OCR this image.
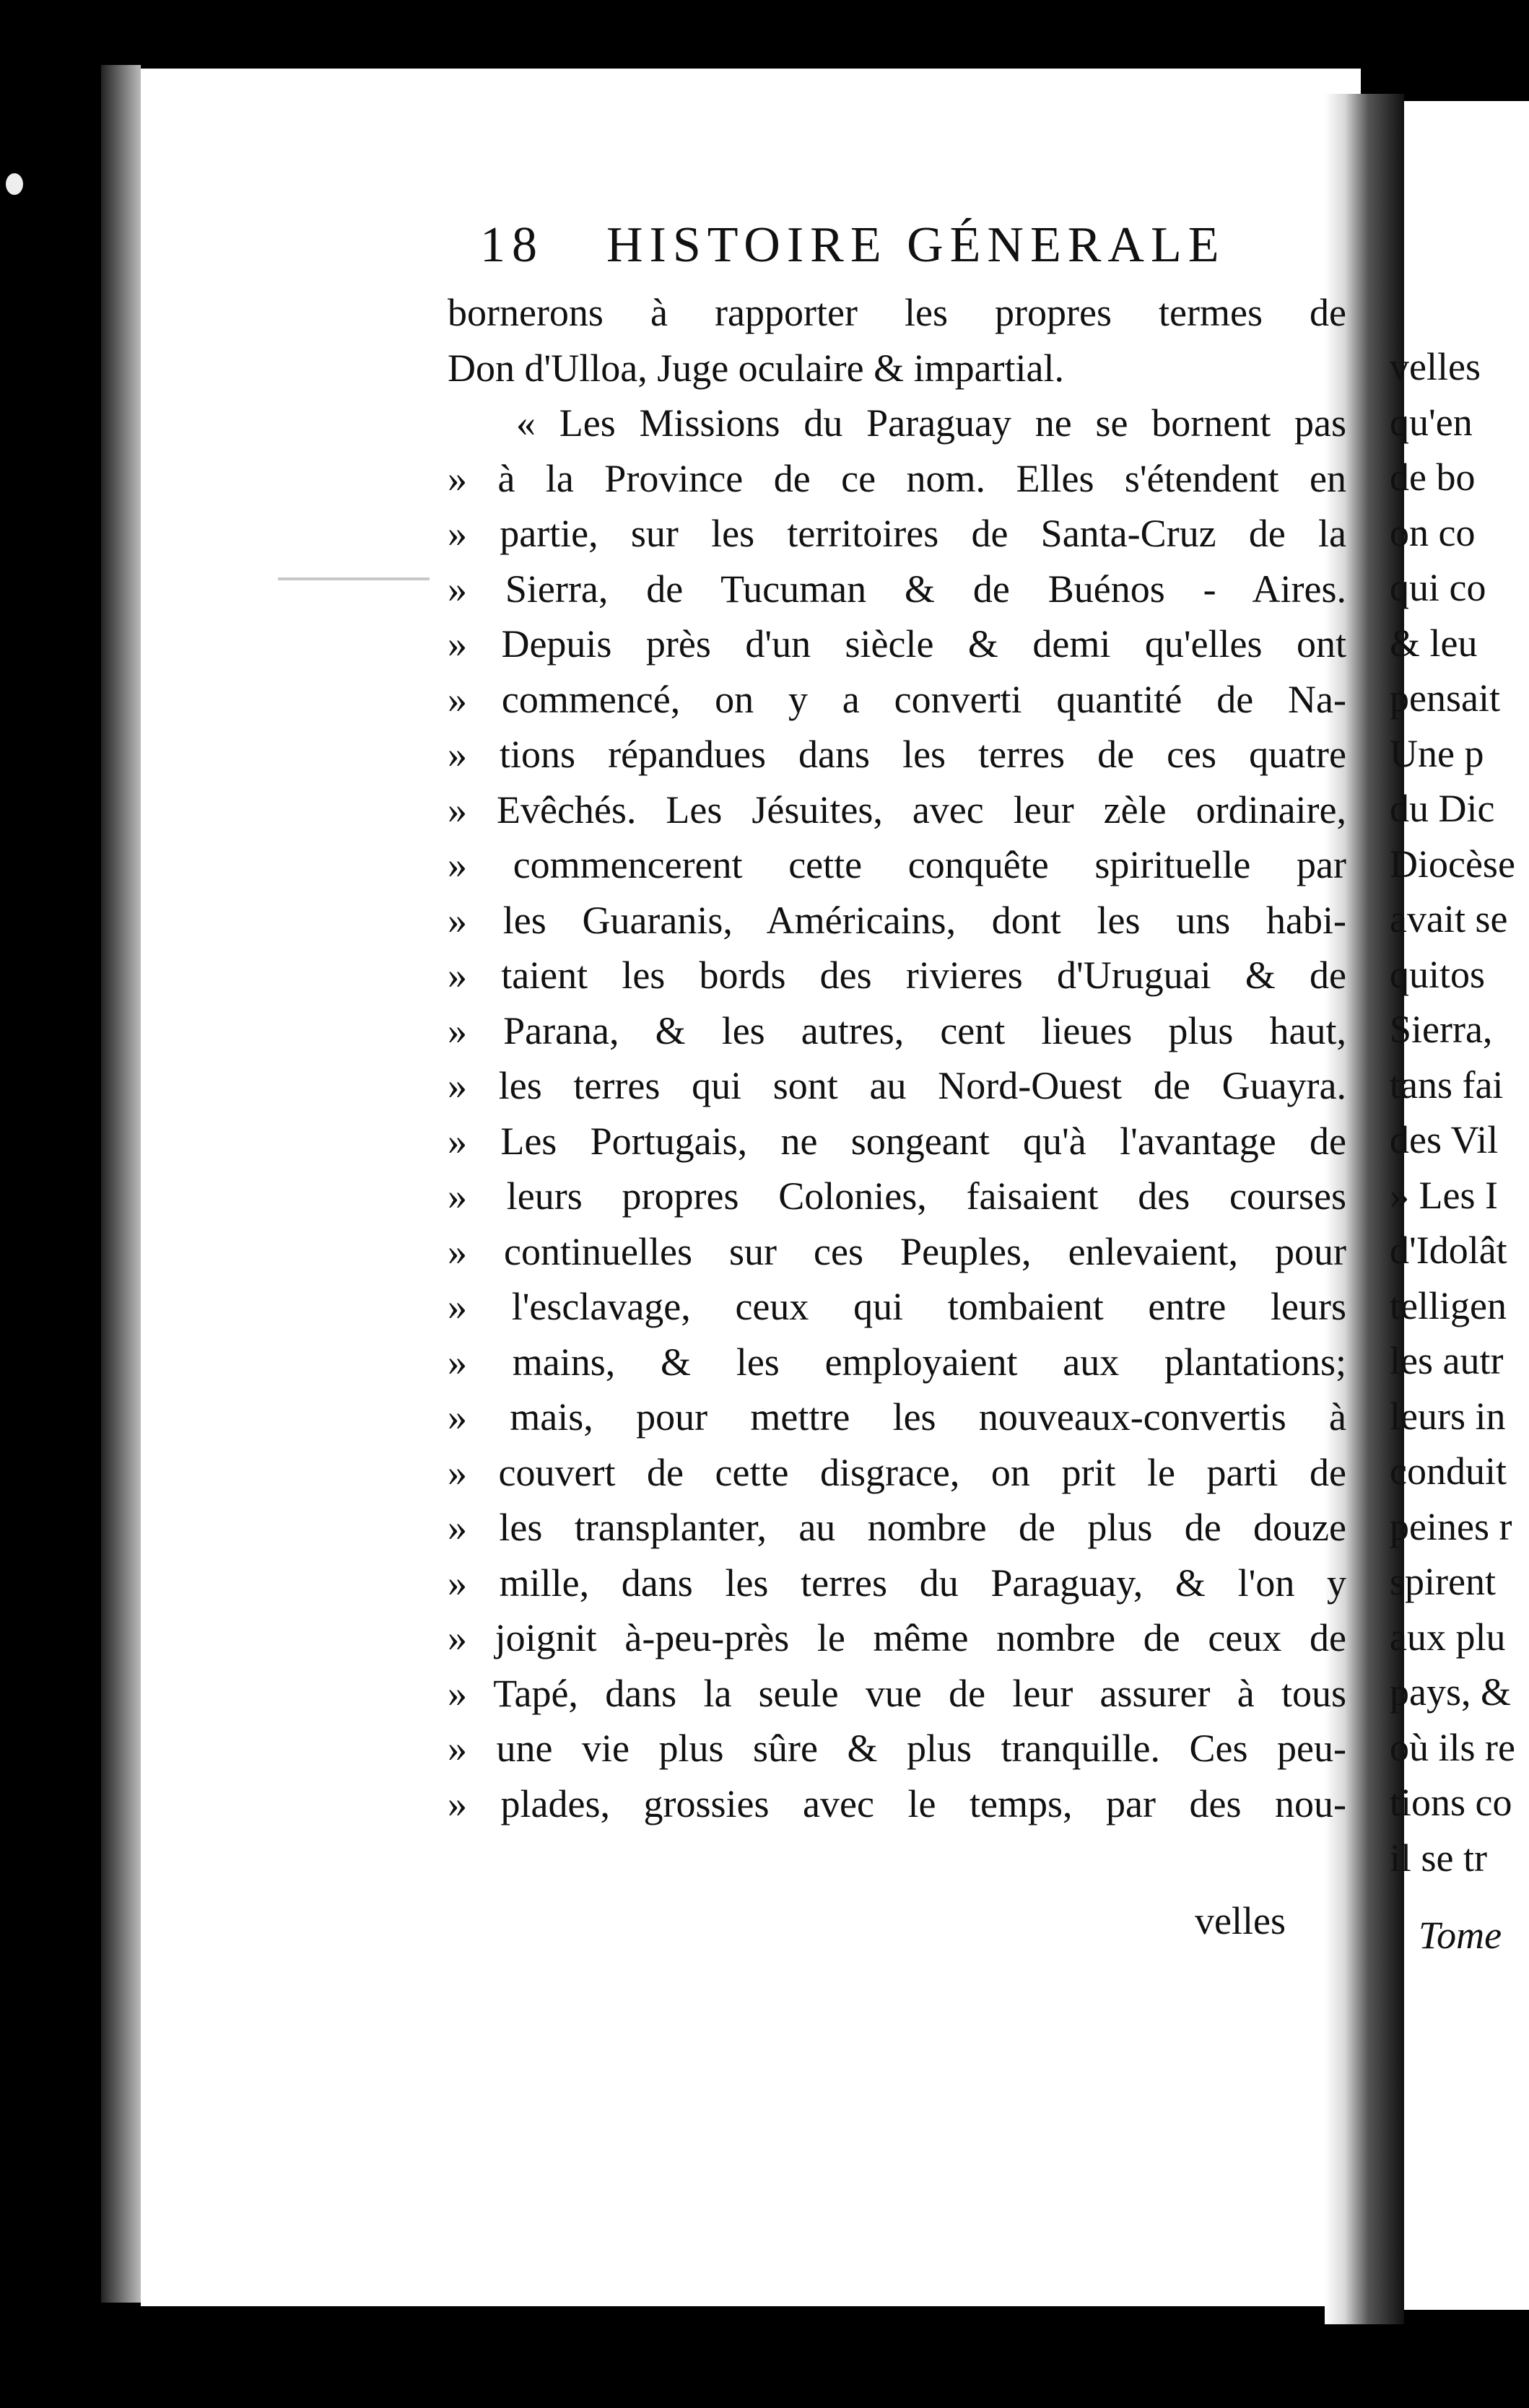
18 HISTOIRE GÉNERALE
bornerons à rapporter les propres termes de
Don d'Ulloa, Juge oculaire & impartial.
« Les Missions du Paraguay ne se bornent pas
» à la Province de ce nom. Elles s'étendent en
» partie, sur les territoires de Santa-Cruz de la
» Sierra, de Tucuman & de Buénos - Aires.
» Depuis près d'un siècle & demi qu'elles ont
» commencé, on y a converti quantité de Na-
» tions répandues dans les terres de ces quatre
» Evêchés. Les Jésuites, avec leur zèle ordinaire,
» commencerent cette conquête spirituelle par
» les Guaranis, Américains, dont les uns habi-
» taient les bords des rivieres d'Uruguai & de
» Parana, & les autres, cent lieues plus haut,
» les terres qui sont au Nord-Ouest de Guayra.
» Les Portugais, ne songeant qu'à l'avantage de
» leurs propres Colonies, faisaient des courses
» continuelles sur ces Peuples, enlevaient, pour
» l'esclavage, ceux qui tombaient entre leurs
» mains, & les employaient aux plantations;
» mais, pour mettre les nouveaux-convertis à
» couvert de cette disgrace, on prit le parti de
» les transplanter, au nombre de plus de douze
» mille, dans les terres du Paraguay, & l'on y
» joignit à-peu-près le même nombre de ceux de
» Tapé, dans la seule vue de leur assurer à tous
» une vie plus sûre & plus tranquille. Ces peu-
» plades, grossies avec le temps, par des nou-
velles
velles
qu'en
de bo
on co
qui co
& leu
pensait
Une p
du Dic
Diocèse
avait se
quitos
Sierra,
tans fai
des Vil
» Les I
d'Idolât
telligen
les autr
leurs in
conduit
peines r
spirent
aux plu
pays, &
où ils re
tions co
il se tr
Tome
